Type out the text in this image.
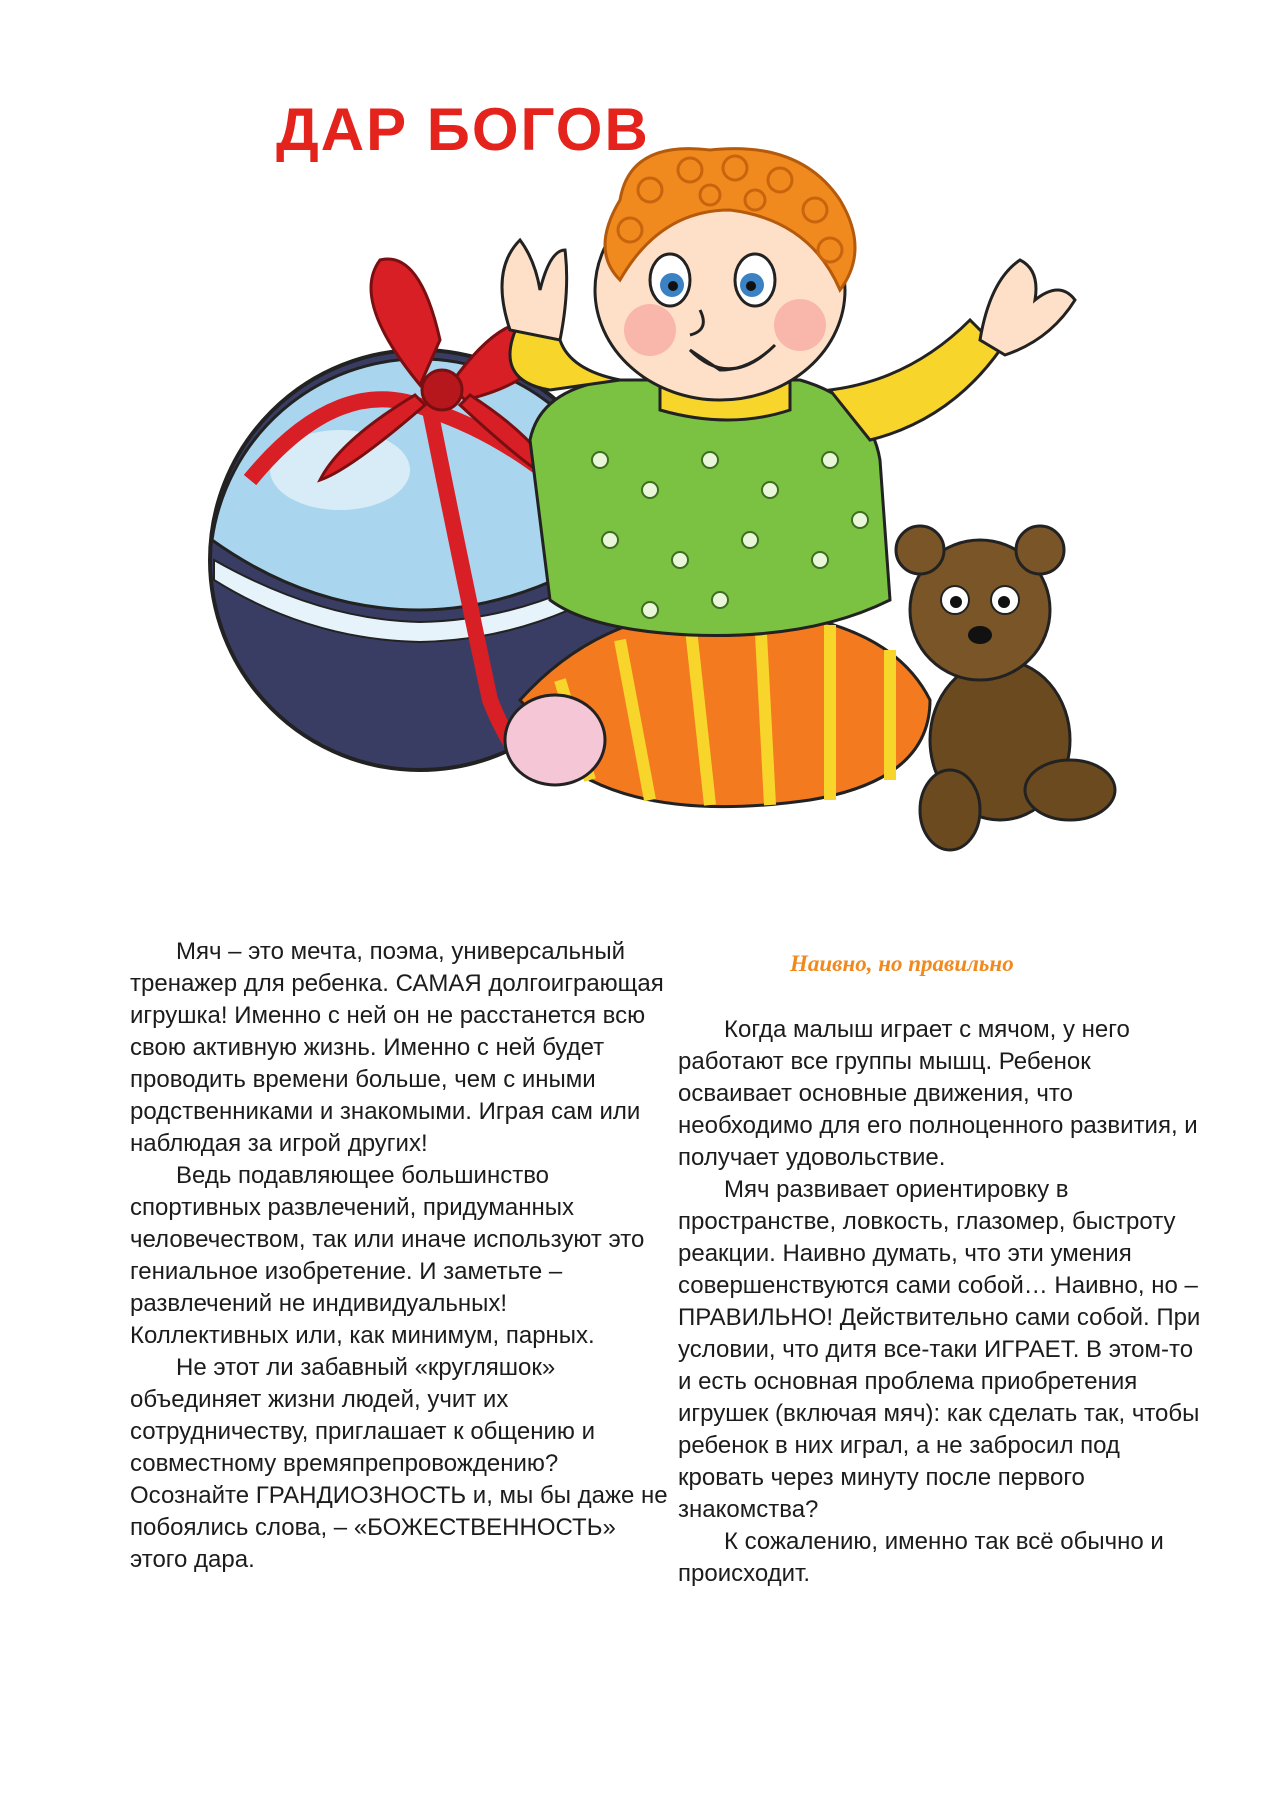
ДАР БОГОВ
Наивно, но правильно

Мяч – это мечта, поэма, универсальный тренажер для ребенка. САМАЯ долгоиграющая игрушка! Именно с ней он не расстанется всю свою активную жизнь. Именно с ней будет проводить времени больше, чем с иными родственниками и знакомыми. Играя сам или наблюдая за игрой других!

Ведь подавляющее большинство спортивных развлечений, придуманных человечеством, так или иначе используют это гениальное изобретение. И заметьте – развлечений не индивидуальных! Коллективных или, как минимум, парных.

Не этот ли забавный «кругляшок» объединяет жизни людей, учит их сотрудничеству, приглашает к общению и совместному времяпрепровождению? Осознайте ГРАНДИОЗНОСТЬ и, мы бы даже не побоялись слова, – «БОЖЕСТВЕННОСТЬ» этого дара.

Когда малыш играет с мячом, у него работают все группы мышц. Ребенок осваивает основные движения, что необходимо для его полноценного развития, и получает удовольствие.

Мяч развивает ориентировку в пространстве, ловкость, глазомер, быстроту реакции. Наивно думать, что эти умения совершенствуются сами собой… Наивно, но – ПРАВИЛЬНО! Действительно сами собой. При условии, что дитя все-таки ИГРАЕТ. В этом-то и есть основная проблема приобретения игрушек (включая мяч): как сделать так, чтобы ребенок в них играл, а не забросил под кровать через минуту после первого знакомства?

К сожалению, именно так всё обычно и происходит.
